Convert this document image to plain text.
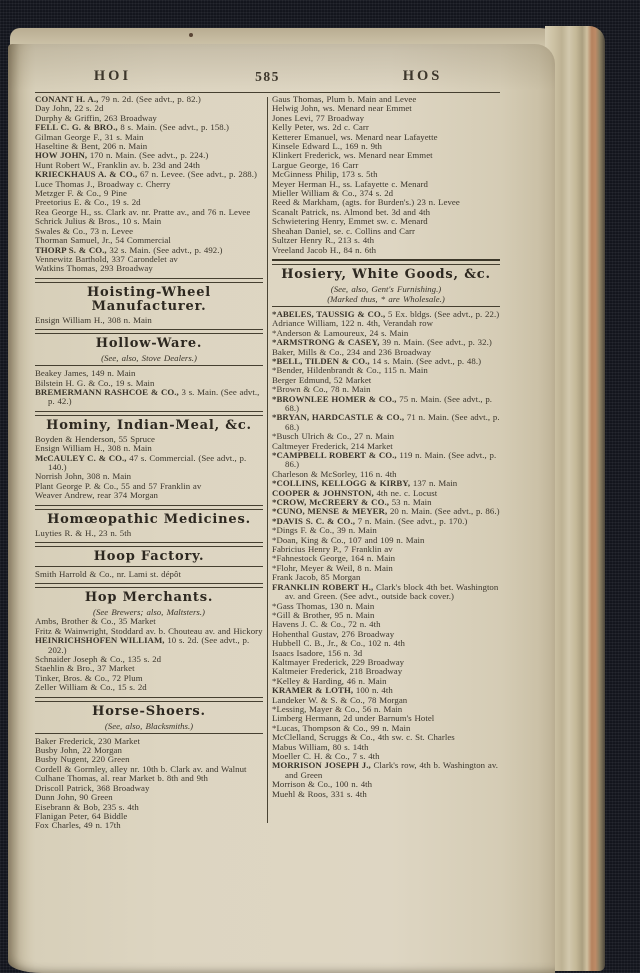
HOI	585	HOS
CONANT H. A., 79 n. 2d. (See advt., p. 82.)
Day John, 22 s. 2d
Durphy & Griffin, 263 Broadway
FELL C. G. & BRO., 8 s. Main. (See advt., p. 158.)
Gilman George F., 31 s. Main
Haseltine & Bent, 206 n. Main
HOW JOHN, 170 n. Main. (See advt., p. 224.)
Hunt Robert W., Franklin av. b. 23d and 24th
KRIECKHAUS A. & CO., 67 n. Levee. (See advt., p. 288.)
Luce Thomas J., Broadway c. Cherry
Metzger F. & Co., 9 Pine
Preetorius E. & Co., 19 s. 2d
Rea George H., ss. Clark av. nr. Pratte av., and 76 n. Levee
Schrick Julius & Bros., 10 s. Main
Swales & Co., 73 n. Levee
Thorman Samuel, Jr., 54 Commercial
THORP S. & CO., 32 s. Main. (See advt., p. 492.)
Vennewitz Barthold, 337 Carondelet av
Watkins Thomas, 293 Broadway
Hoisting-Wheel Manufacturer.
Ensign William H., 308 n. Main
Hollow-Ware.
(See, also, Stove Dealers.)
Beakey James, 149 n. Main
Bilstein H. G. & Co., 19 s. Main
BREMERMANN RASHCOE & CO., 3 s. Main. (See advt., p. 42.)
Hominy, Indian-Meal, &c.
Boyden & Henderson, 55 Spruce
Ensign William H., 308 n. Main
McCAULEY C. & CO., 47 s. Commercial. (See advt., p. 140.)
Norrish John, 308 n. Main
Plant George P. & Co., 55 and 57 Franklin av
Weaver Andrew, rear 374 Morgan
Homœopathic Medicines.
Luyties R. & H., 23 n. 5th
Hoop Factory.
Smith Harrold & Co., nr. Lami st. dépôt
Hop Merchants.
(See Brewers; also, Maltsters.)
Ambs, Brother & Co., 35 Market
Fritz & Wainwright, Stoddard av. b. Chouteau av. and Hickory
HEINRICHSHOFEN WILLIAM, 10 s. 2d. (See advt., p. 202.)
Schnaider Joseph & Co., 135 s. 2d
Staehlin & Bro., 37 Market
Tinker, Bros. & Co., 72 Plum
Zeller William & Co., 15 s. 2d
Horse-Shoers.
(See, also, Blacksmiths.)
Baker Frederick, 230 Market
Busby John, 22 Morgan
Busby Nugent, 220 Green
Cordell & Gormley, alley nr. 10th b. Clark av. and Walnut
Culhane Thomas, al. rear Market b. 8th and 9th
Driscoll Patrick, 368 Broadway
Dunn John, 90 Green
Eisebrann & Bob, 235 s. 4th
Flanigan Peter, 64 Biddle
Fox Charles, 49 n. 17th
Gaus Thomas, Plum b. Main and Levee
Helwig John, ws. Menard near Emmet
Jones Levi, 77 Broadway
Kelly Peter, ws. 2d c. Carr
Ketterer Emanuel, ws. Menard near Lafayette
Kinsele Edward L., 169 n. 9th
Klinkert Frederick, ws. Menard near Emmet
Largue George, 16 Carr
McGinness Philip, 173 s. 5th
Meyer Herman H., ss. Lafayette c. Menard
Mieller William & Co., 374 s. 2d
Reed & Markham, (agts. for Burden's.) 23 n. Levee
Scanalt Patrick, ns. Almond bet. 3d and 4th
Schwietering Henry, Emmet sw. c. Menard
Sheahan Daniel, se. c. Collins and Carr
Sultzer Henry R., 213 s. 4th
Vreeland Jacob H., 84 n. 6th
Hosiery, White Goods, &c.
(See, also, Gent's Furnishing.)
(Marked thus, * are Wholesale.)
*ABELES, TAUSSIG & CO., 5 Ex. bldgs. (See advt., p. 22.)
Adriance William, 122 n. 4th, Verandah row
*Anderson & Lamoureux, 24 s. Main
*ARMSTRONG & CASEY, 39 n. Main. (See advt., p. 32.)
Baker, Mills & Co., 234 and 236 Broadway
*BELL, TILDEN & CO., 14 s. Main. (See advt., p. 48.)
*Bender, Hildenbrandt & Co., 115 n. Main
Berger Edmund, 52 Market
*Brown & Co., 78 n. Main
*BROWNLEE HOMER & CO., 75 n. Main. (See advt., p. 68.)
*BRYAN, HARDCASTLE & CO., 71 n. Main. (See advt., p. 68.)
*Busch Ulrich & Co., 27 n. Main
Caltmeyer Frederick, 214 Market
*CAMPBELL ROBERT & CO., 119 n. Main. (See advt., p. 86.)
Charleson & McSorley, 116 n. 4th
*COLLINS, KELLOGG & KIRBY, 137 n. Main
COOPER & JOHNSTON, 4th ne. c. Locust
*CROW, McCREERY & CO., 53 n. Main
*CUNO, MENSE & MEYER, 20 n. Main. (See advt., p. 86.)
*DAVIS S. C. & CO., 7 n. Main. (See advt., p. 170.)
*Dings F. & Co., 39 n. Main
*Doan, King & Co., 107 and 109 n. Main
Fabricius Henry P., 7 Franklin av
*Fahnestock George, 164 n. Main
*Flohr, Meyer & Weil, 8 n. Main
Frank Jacob, 85 Morgan
FRANKLIN ROBERT H., Clark's block 4th bet. Washington av. and Green. (See advt., outside back cover.)
*Gass Thomas, 130 n. Main
*Gill & Brother, 95 n. Main
Havens J. C. & Co., 72 n. 4th
Hohenthal Gustav, 276 Broadway
Hubbell C. B., Jr., & Co., 102 n. 4th
Isaacs Isadore, 156 n. 3d
Kaltmayer Frederick, 229 Broadway
Kaltmeier Frederick, 218 Broadway
*Kelley & Harding, 46 n. Main
KRAMER & LOTH, 100 n. 4th
Landeker W. & S. & Co., 78 Morgan
*Lessing, Mayer & Co., 56 n. Main
Limberg Hermann, 2d under Barnum's Hotel
*Lucas, Thompson & Co., 99 n. Main
McClelland, Scruggs & Co., 4th sw. c. St. Charles
Mabus William, 80 s. 14th
Moeller C. H. & Co., 7 s. 4th
MORRISON JOSEPH J., Clark's row, 4th b. Washington av. and Green
Morrison & Co., 100 n. 4th
Muehl & Roos, 331 s. 4th
